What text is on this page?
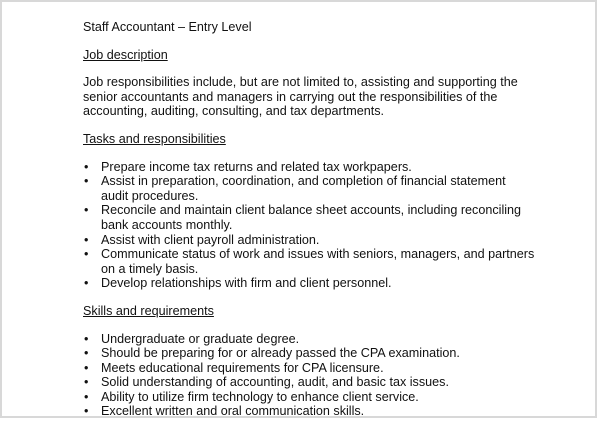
Staff Accountant – Entry Level
Job description
Job responsibilities include, but are not limited to, assisting and supporting the
senior accountants and managers in carrying out the responsibilities of the
accounting, auditing, consulting, and tax departments.
Tasks and responsibilities
• Prepare income tax returns and related tax workpapers.
• Assist in preparation, coordination, and completion of financial statement
audit procedures.
• Reconcile and maintain client balance sheet accounts, including reconciling
bank accounts monthly.
• Assist with client payroll administration.
• Communicate status of work and issues with seniors, managers, and partners
on a timely basis.
• Develop relationships with firm and client personnel.
Skills and requirements
• Undergraduate or graduate degree.
• Should be preparing for or already passed the CPA examination.
• Meets educational requirements for CPA licensure.
• Solid understanding of accounting, audit, and basic tax issues.
• Ability to utilize firm technology to enhance client service.
• Excellent written and oral communication skills.
